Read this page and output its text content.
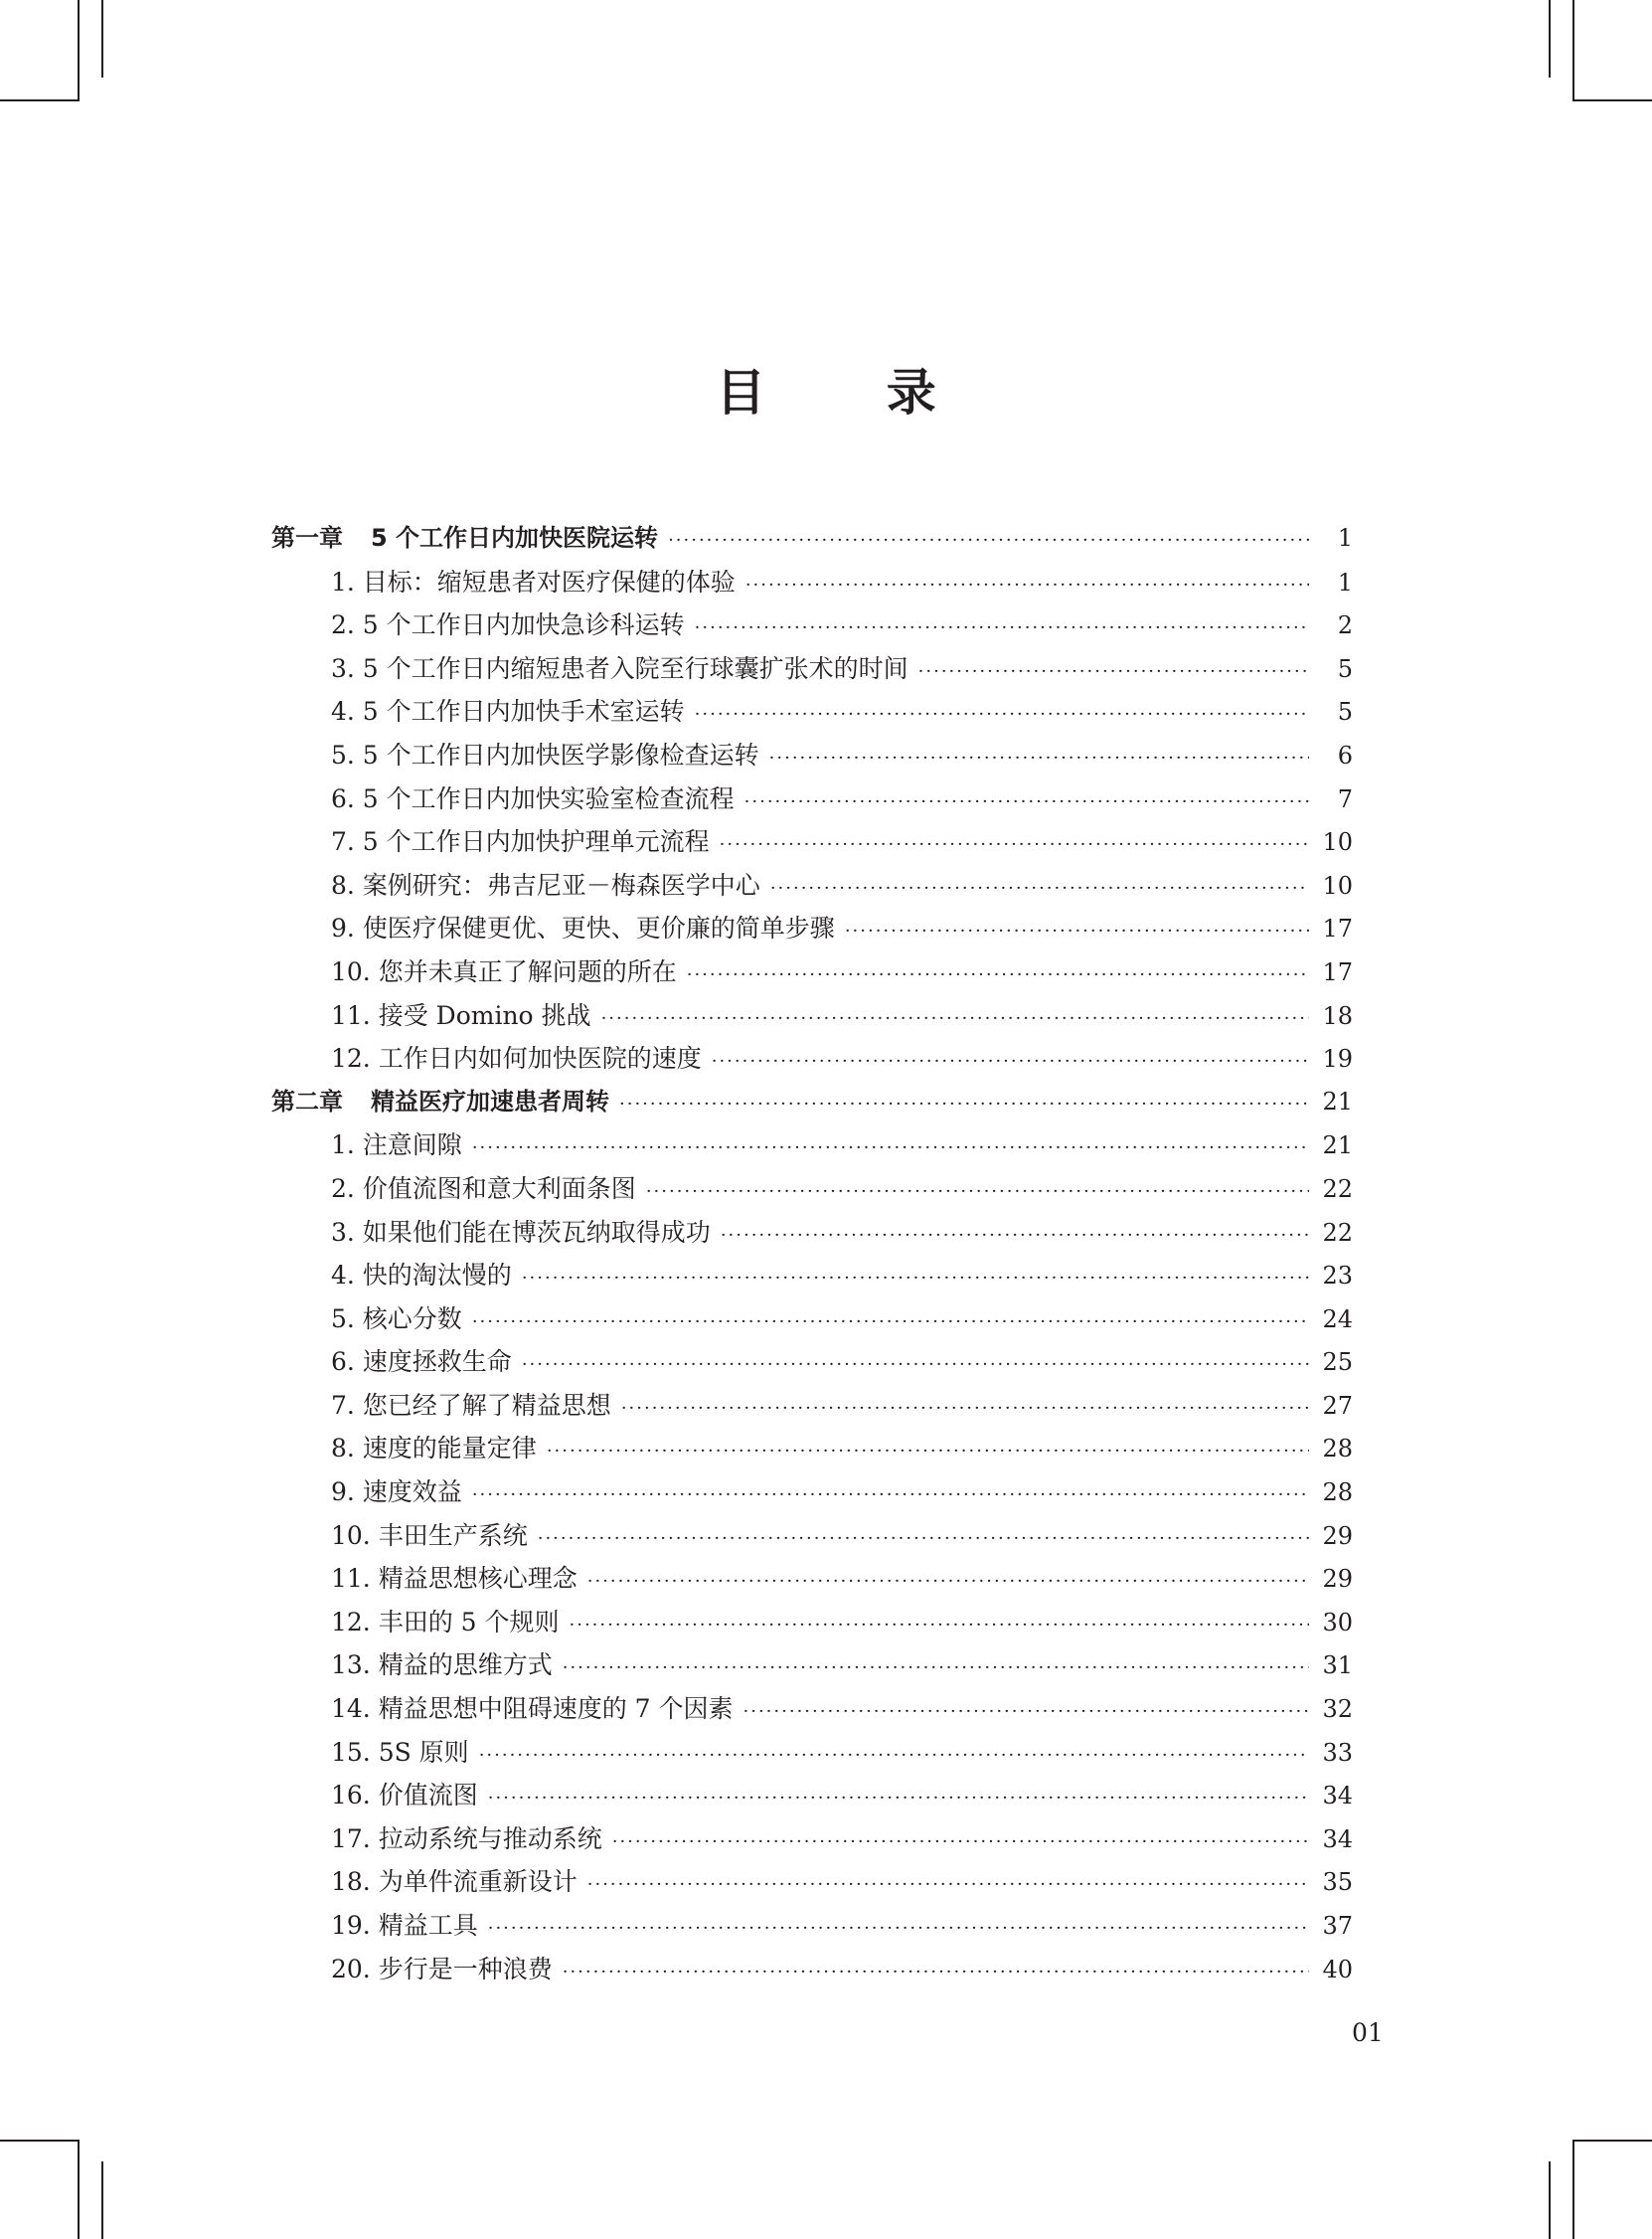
目 录
第一章 5 个工作日内加快医院运转 ·····	1
1. 目标：缩短患者对医疗保健的体验 ·····	1
2. 5 个工作日内加快急诊科运转 ·····	2
3. 5 个工作日内缩短患者入院至行球囊扩张术的时间 ·····	5
4. 5 个工作日内加快手术室运转 ·····	5
5. 5 个工作日内加快医学影像检查运转 ·····	6
6. 5 个工作日内加快实验室检查流程 ·····	7
7. 5 个工作日内加快护理单元流程 ·····	10
8. 案例研究：弗吉尼亚－梅森医学中心 ·····	10
9. 使医疗保健更优、更快、更价廉的简单步骤 ·····	17
10. 您并未真正了解问题的所在 ·····	17
11. 接受 Domino 挑战 ·····	18
12. 工作日内如何加快医院的速度 ·····	19
第二章 精益医疗加速患者周转 ·····	21
1. 注意间隙 ·····	21
2. 价值流图和意大利面条图 ·····	22
3. 如果他们能在博茨瓦纳取得成功 ·····	22
4. 快的淘汰慢的 ·····	23
5. 核心分数 ·····	24
6. 速度拯救生命 ·····	25
7. 您已经了解了精益思想 ·····	27
8. 速度的能量定律 ·····	28
9. 速度效益 ·····	28
10. 丰田生产系统 ·····	29
11. 精益思想核心理念 ·····	29
12. 丰田的 5 个规则 ·····	30
13. 精益的思维方式 ·····	31
14. 精益思想中阻碍速度的 7 个因素 ·····	32
15. 5S 原则 ·····	33
16. 价值流图 ·····	34
17. 拉动系统与推动系统 ·····	34
18. 为单件流重新设计 ·····	35
19. 精益工具 ·····	37
20. 步行是一种浪费 ·····	40
01
